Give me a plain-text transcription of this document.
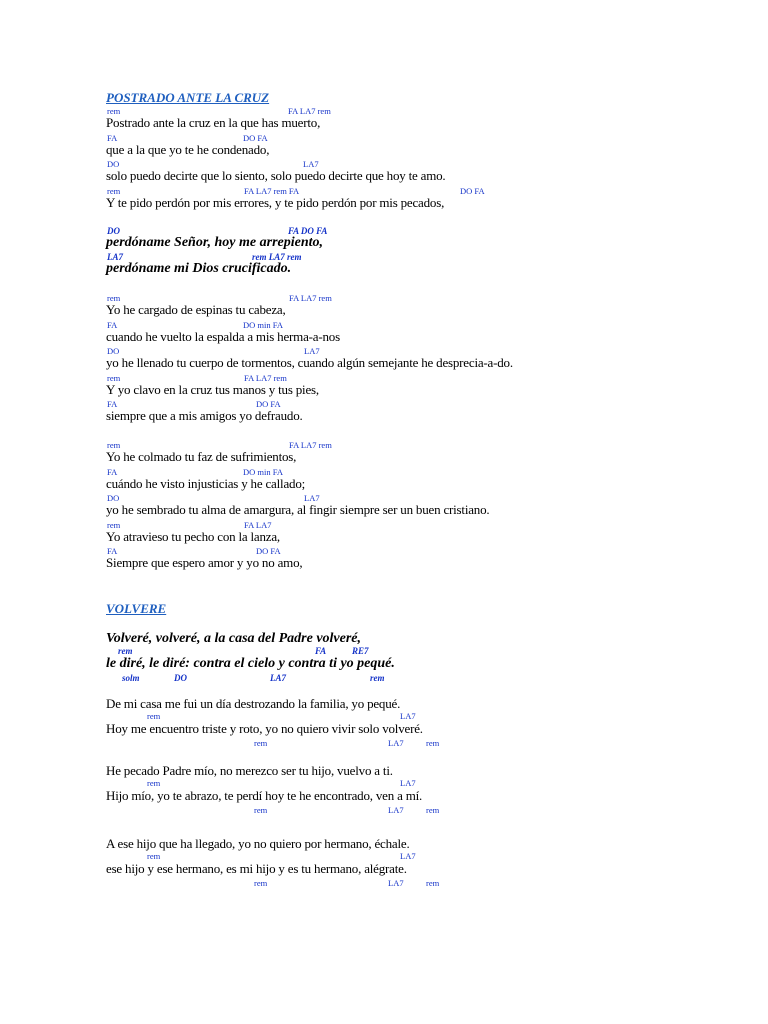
POSTRADO ANTE LA CRUZ
rem	FA LA7 rem
Postrado ante la cruz en la que has muerto,
FA	DO FA
que a la que yo te he condenado,
DO	LA7
solo puedo decirte que lo siento, solo puedo decirte que hoy te amo.
rem	FA LA7 rem FA	DO FA
Y te pido perdón por mis errores, y te pido perdón por mis pecados,
DO	FA DO FA
perdóname Señor, hoy me arrepiento,
LA7	rem LA7 rem
perdóname mi Dios crucificado.
rem	FA LA7 rem
Yo he cargado de espinas tu cabeza,
FA	DO min FA
cuando he vuelto la espalda a mis herma-a-nos
DO	LA7
yo he llenado tu cuerpo de tormentos, cuando algún semejante he desprecia-a-do.
rem	FA LA7 rem
Y yo clavo en la cruz tus manos y tus pies,
FA	DO FA
siempre que a mis amigos yo defraudo.
rem	FA LA7 rem
Yo he colmado tu faz de sufrimientos,
FA	DO min FA
cuándo he visto injusticias y he callado;
DO	LA7
yo he sembrado tu alma de amargura, al fingir siempre ser un buen cristiano.
rem	FA LA7
Yo atravieso tu pecho con la lanza,
FA	DO FA
Siempre que espero amor y yo no amo,
VOLVERE
Volveré, volveré, a la casa del Padre volveré,
rem	FA	RE7
le diré, le diré: contra el cielo y contra ti yo pequé.
solm	DO	LA7	rem
De mi casa me fui un día destrozando la familia, yo pequé.
rem	LA7
Hoy me encuentro triste y roto, yo no quiero vivir solo volveré.
rem	LA7	rem
He pecado Padre mío, no merezco ser tu hijo, vuelvo a ti.
rem	LA7
Hijo mío, yo te abrazo, te perdí hoy te he encontrado, ven a mí.
rem	LA7	rem
A ese hijo que ha llegado, yo no quiero por hermano, échale.
rem	LA7
ese hijo y ese hermano, es mi hijo y es tu hermano, alégrate.
rem	LA7	rem
